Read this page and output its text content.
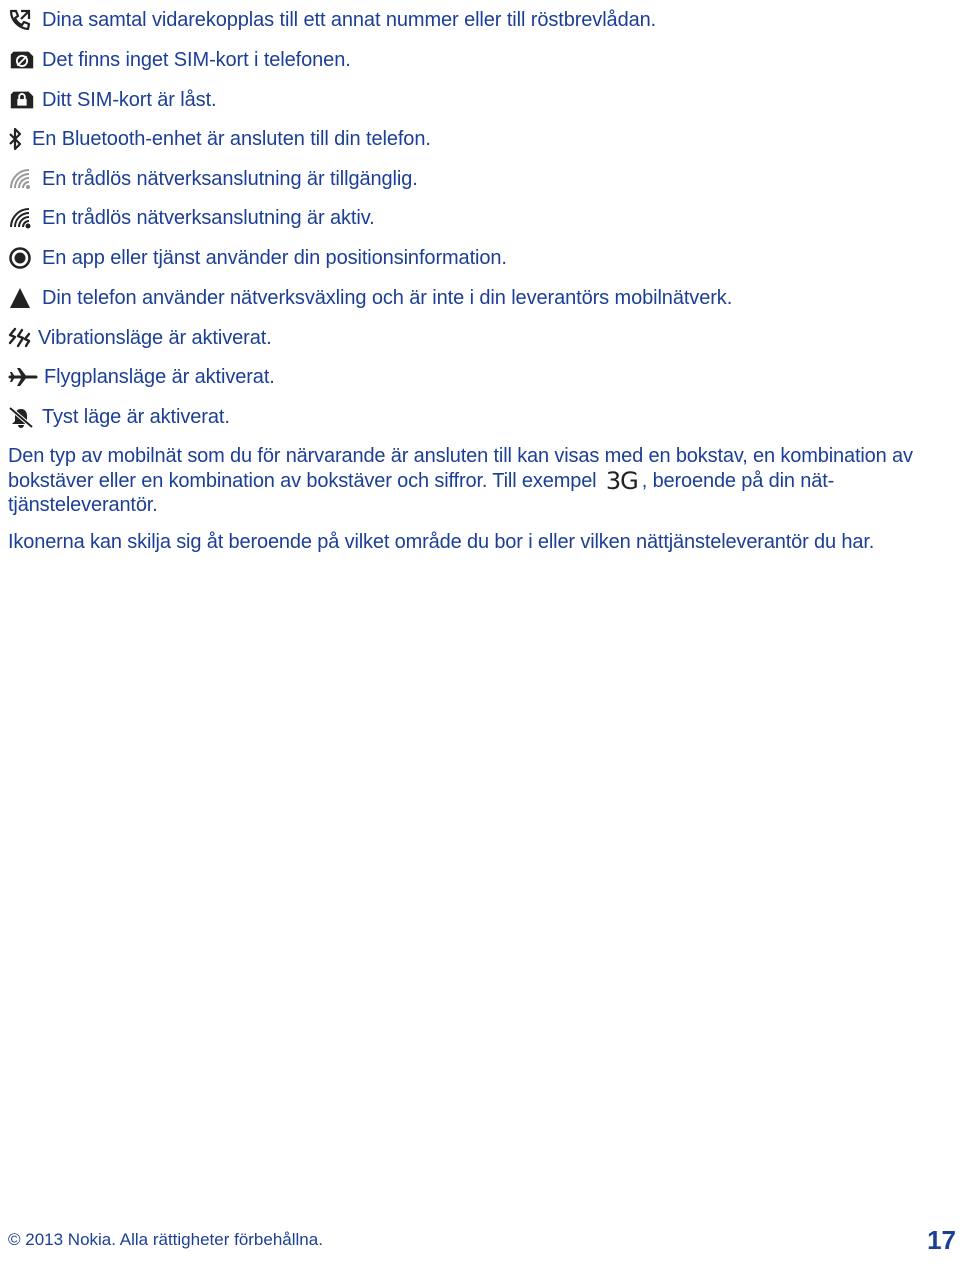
Dina samtal vidarekopplas till ett annat nummer eller till röstbrevlådan.
Det finns inget SIM-kort i telefonen.
Ditt SIM-kort är låst.
En Bluetooth-enhet är ansluten till din telefon.
En trådlös nätverksanslutning är tillgänglig.
En trådlös nätverksanslutning är aktiv.
En app eller tjänst använder din positionsinformation.
Din telefon använder nätverksväxling och är inte i din leverantörs mobilnätverk.
Vibrationsläge är aktiverat.
Flygplansläge är aktiverat.
Tyst läge är aktiverat.

Den typ av mobilnät som du för närvarande är ansluten till kan visas med en bokstav, en kombination av bokstäver eller en kombination av bokstäver och siffror. Till exempel 3G , beroende på din nättjänsteleverantör.

Ikonerna kan skilja sig åt beroende på vilket område du bor i eller vilken nättjänsteleverantör du har.

© 2013 Nokia. Alla rättigheter förbehållna.	17
